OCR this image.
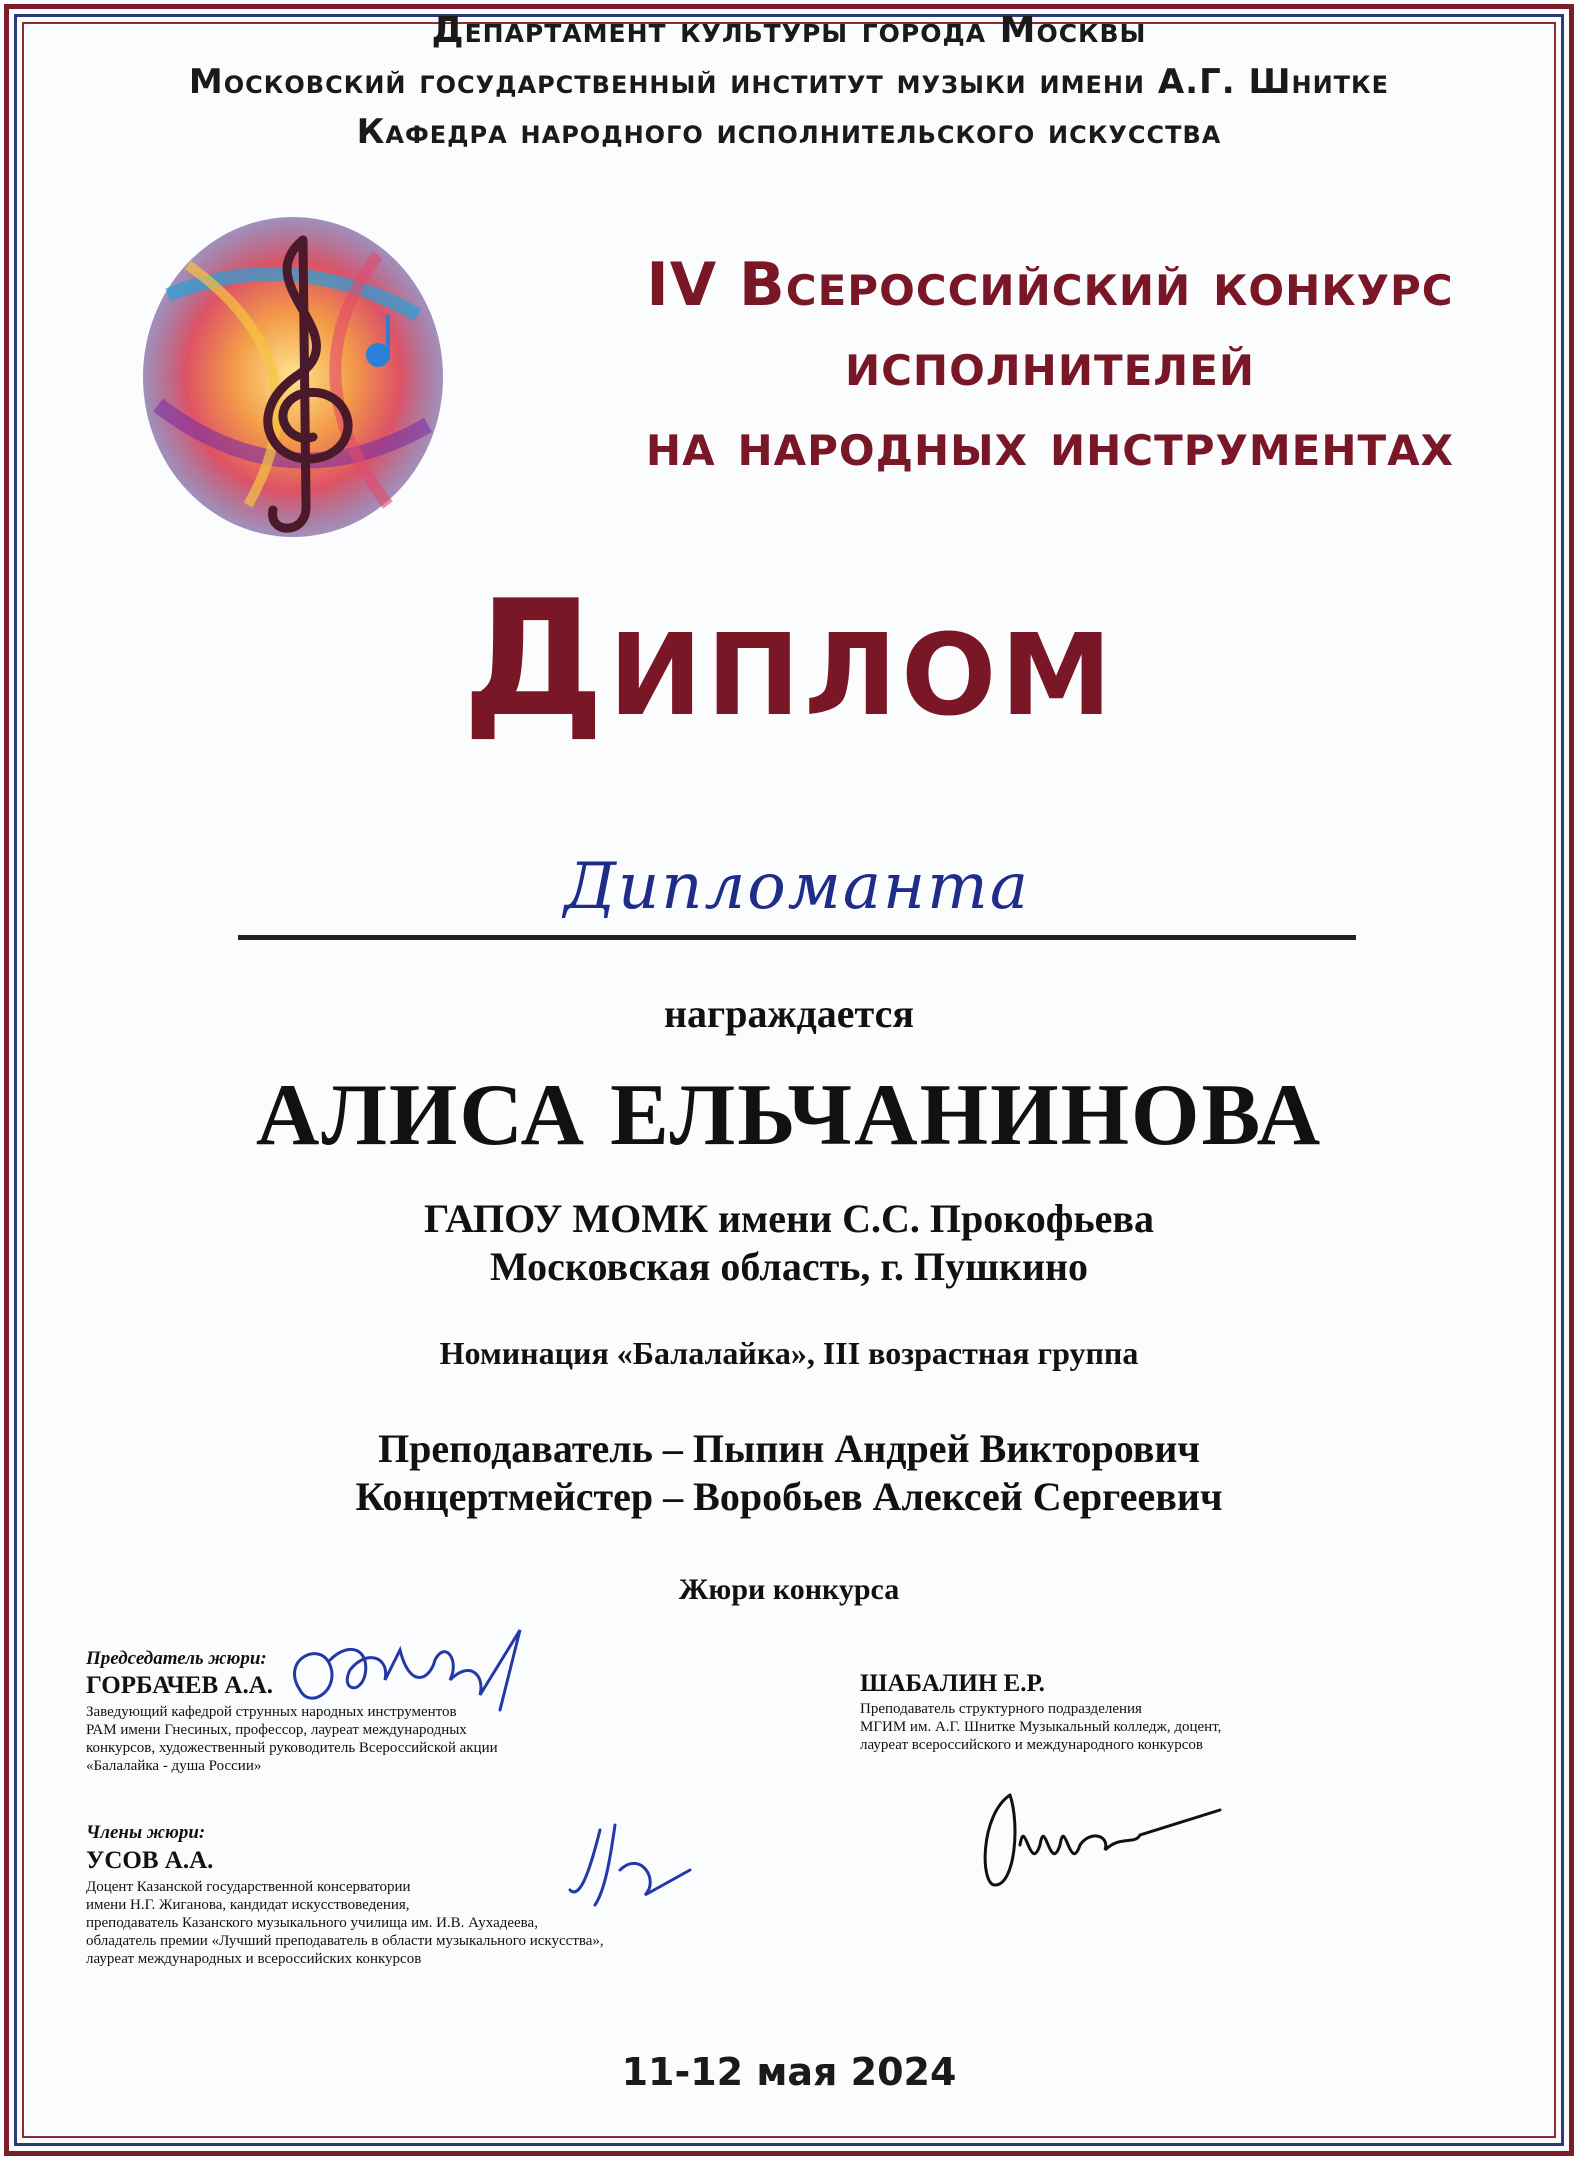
Департамент культуры города Москвы
Московский государственный институт музыки имени А.Г. Шнитке
Кафедра народного исполнительского искусства
IV Всероссийский конкурс
исполнителей
на народных инструментах
Диплом
Дипломанта
награждается
АЛИСА ЕЛЬЧАНИНОВА
ГАПОУ МОМК имени С.С. Прокофьева
Московская область, г. Пушкино
Номинация «Балалайка», III возрастная группа
Преподаватель – Пыпин Андрей Викторович
Концертмейстер – Воробьев Алексей Сергеевич
Жюри конкурса
Председатель жюри:
ГОРБАЧЕВ А.А.
Заведующий кафедрой струнных народных инструментов
РАМ имени Гнесиных, профессор, лауреат международных
конкурсов, художественный руководитель Всероссийской акции
«Балалайка - душа России»
Члены жюри:
УСОВ А.А.
Доцент Казанской государственной консерватории
имени Н.Г. Жиганова, кандидат искусствоведения,
преподаватель Казанского музыкального училища им. И.В. Аухадеева,
обладатель премии «Лучший преподаватель в области музыкального искусства»,
лауреат международных и всероссийских конкурсов
ШАБАЛИН Е.Р.
Преподаватель структурного подразделения
МГИМ им. А.Г. Шнитке Музыкальный колледж, доцент,
лауреат всероссийского и международного конкурсов
11-12 мая 2024
